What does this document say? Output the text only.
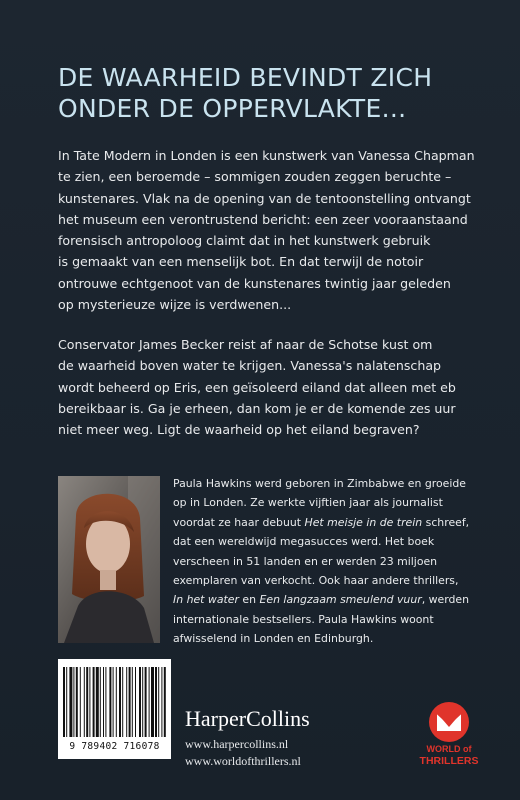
DE WAARHEID BEVINDT ZICH
ONDER DE OPPERVLAKTE...
In Tate Modern in Londen is een kunstwerk van Vanessa Chapman
te zien, een beroemde – sommigen zouden zeggen beruchte –
kunstenares. Vlak na de opening van de tentoonstelling ontvangt
het museum een verontrustend bericht: een zeer vooraanstaand
forensisch antropoloog claimt dat in het kunstwerk gebruik
is gemaakt van een menselijk bot. En dat terwijl de notoir
ontrouwe echtgenoot van de kunstenares twintig jaar geleden
op mysterieuze wijze is verdwenen...
Conservator James Becker reist af naar de Schotse kust om
de waarheid boven water te krijgen. Vanessa's nalatenschap
wordt beheerd op Eris, een geïsoleerd eiland dat alleen met eb
bereikbaar is. Ga je erheen, dan kom je er de komende zes uur
niet meer weg. Ligt de waarheid op het eiland begraven?
Paula Hawkins werd geboren in Zimbabwe en groeide
op in Londen. Ze werkte vijftien jaar als journalist
voordat ze haar debuut Het meisje in de trein schreef,
dat een wereldwijd megasucces werd. Het boek
verscheen in 51 landen en er werden 23 miljoen
exemplaren van verkocht. Ook haar andere thrillers,
In het water en Een langzaam smeulend vuur, werden
internationale bestsellers. Paula Hawkins woont
afwisselend in Londen en Edinburgh.
9 789402 716078
HarperCollins
www.harpercollins.nl
www.worldofthrillers.nl
WORLD of
THRILLERS
